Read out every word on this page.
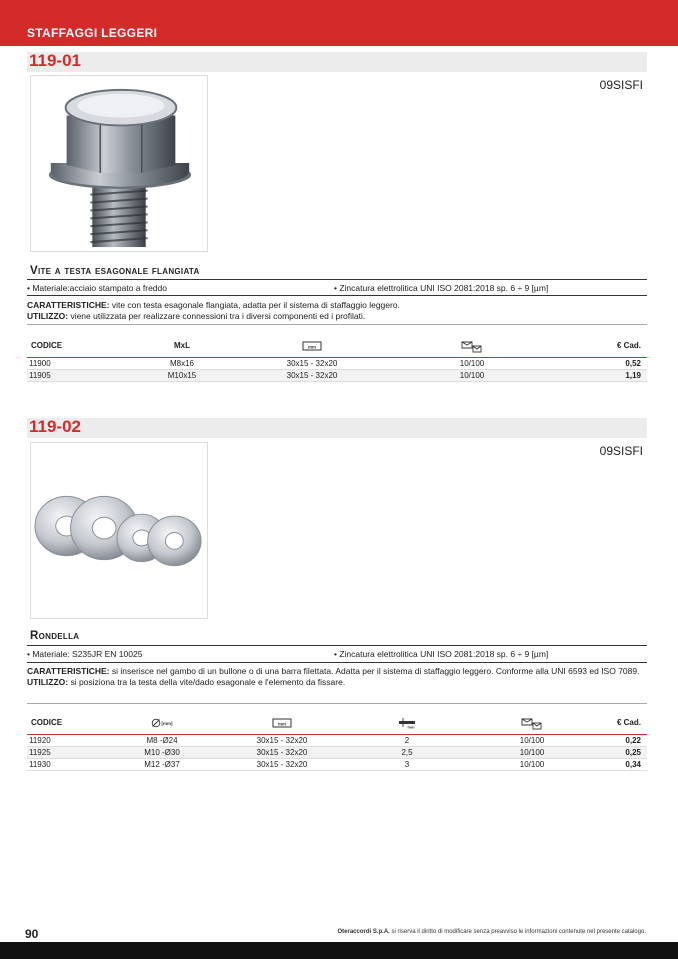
STAFFAGGI LEGGERI
119-01
09SISFI
Vite a testa esagonale flangiata
• Materiale:acciaio stampato a freddo	• Zincatura elettrolitica UNI ISO 2081:2018 sp. 6 ÷ 9 [µm]
CARATTERISTICHE: vite con testa esagonale flangiata, adatta per il sistema di staffaggio leggero.
UTILIZZO: viene utilizzata per realizzare connessioni tra i diversi componenti ed i profilati.
CODICE	MxL	mm		€ Cad.
11900	M8x16	30x15 - 32x20	10/100	0,52
11905	M10x15	30x15 - 32x20	10/100	1,19
119-02
09SISFI
Rondella
• Materiale: S235JR EN 10025	• Zincatura elettrolitica UNI ISO 2081:2018 sp. 6 ÷ 9 [µm]
CARATTERISTICHE: si inserisce nel gambo di un bullone o di una barra filettata. Adatta per il sistema di staffaggio leggero. Conforme alla UNI 6593 ed ISO 7089.
UTILIZZO: si posiziona tra la testa della vite/dado esagonale e l'elemento da fissare.
CODICE	[mm]	mm	mm		€ Cad.
11920	M8 -Ø24	30x15 - 32x20	2	10/100	0,22
11925	M10 -Ø30	30x15 - 32x20	2,5	10/100	0,25
11930	M12 -Ø37	30x15 - 32x20	3	10/100	0,34
90	Oteraccordi S.p.A. si riserva il diritto di modificare senza preavviso le informazioni contenute nel presente catalogo.
